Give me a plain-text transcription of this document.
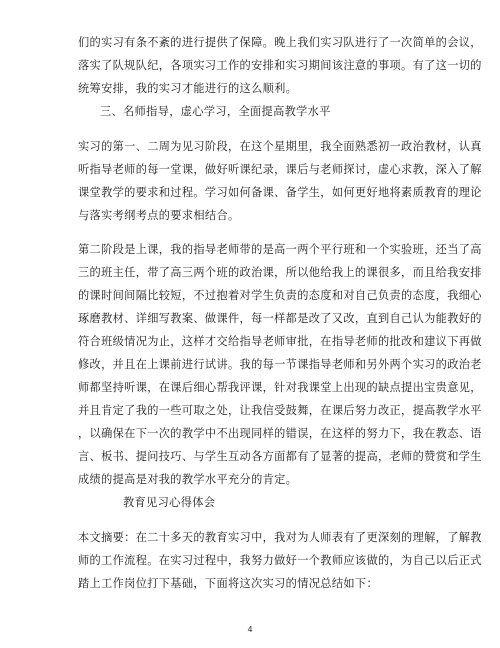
们的实习有条不紊的进行提供了保障。晚上我们实习队进行了一次简单的会议，
落实了队规队纪，各项实习工作的安排和实习期间该注意的事项。有了这一切的
统筹安排，我的实习才能进行的这么顺利。
三、名师指导，虚心学习，全面提高教学水平
实习的第一、二周为见习阶段，在这个星期里，我全面熟悉初一政治教材，认真
听指导老师的每一堂课，做好听课纪录，课后与老师探讨，虚心求教，深入了解
课堂教学的要求和过程。学习如何备课、备学生，如何更好地将素质教育的理论
与落实考纲考点的要求相结合。
第二阶段是上课，我的指导老师带的是高一两个平行班和一个实验班，还当了高
三的班主任，带了高三两个班的政治课，所以他给我上的课很多，而且给我安排
的课时间间隔比较短，不过抱着对学生负责的态度和对自己负责的态度，我细心
琢磨教材、详细写教案、做课件，每一样都是改了又改，直到自己认为能教好的
符合班级情况为止，这样才交给指导老师审批，在指导老师的批改和建议下再做
修改，并且在上课前进行试讲。我的每一节课指导老师和另外两个实习的政治老
师都坚持听课，在课后细心帮我评课，针对我课堂上出现的缺点提出宝贵意见，
并且肯定了我的一些可取之处，让我信受鼓舞，在课后努力改正，提高教学水平
，以确保在下一次的教学中不出现同样的错误，在这样的努力下，我在教态、语
言、板书、提问技巧、与学生互动各方面都有了显著的提高，老师的赞赏和学生
成绩的提高是对我的教学水平充分的肯定。
教育见习心得体会
本文摘要：在二十多天的教育实习中，我对为人师表有了更深刻的理解，了解教
师的工作流程。在实习过程中，我努力做好一个教师应该做的，为自己以后正式
踏上工作岗位打下基础，下面将这次实习的情况总结如下：
4
